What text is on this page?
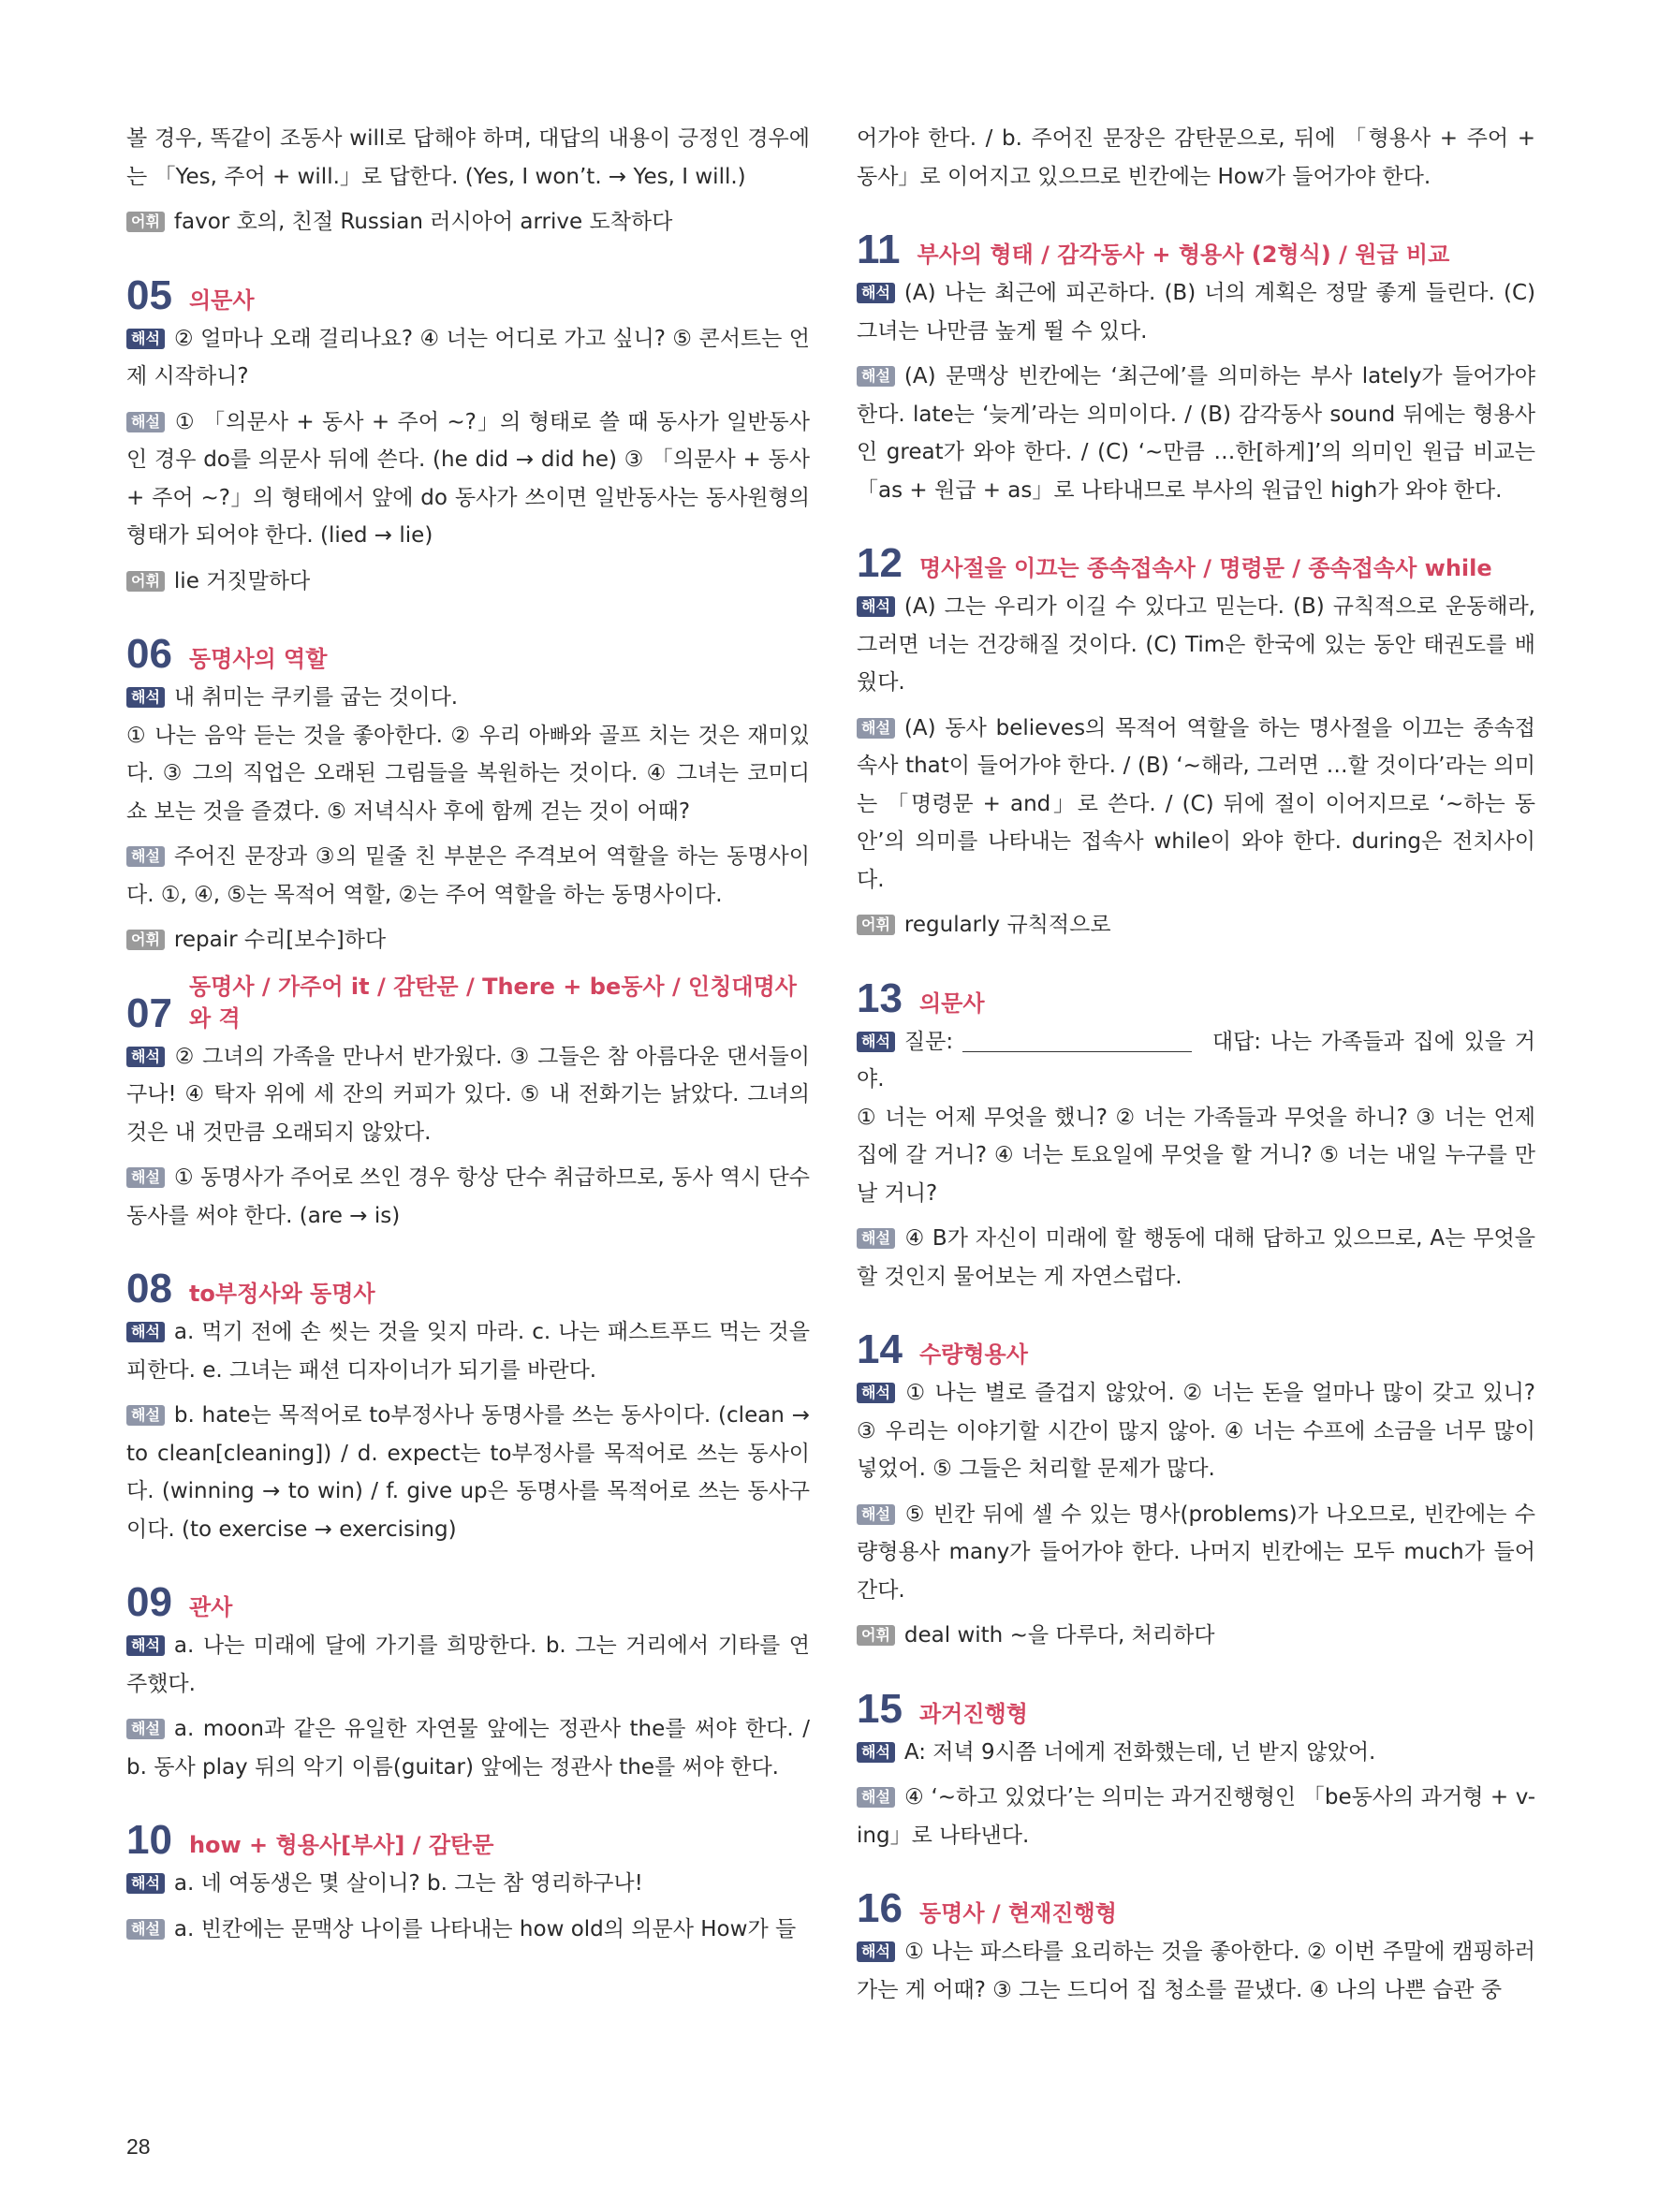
볼 경우, 똑같이 조동사 will로 답해야 하며, 대답의 내용이 긍정인 경우에는 「Yes, 주어 + will.」로 답한다. (Yes, I won’t. → Yes, I will.)

어휘 favor 호의, 친절 Russian 러시아어 arrive 도착하다

05 의문사

해석 ② 얼마나 오래 걸리나요? ④ 너는 어디로 가고 싶니? ⑤ 콘서트는 언제 시작하니?

해설 ① 「의문사 + 동사 + 주어 ~?」의 형태로 쓸 때 동사가 일반동사인 경우 do를 의문사 뒤에 쓴다. (he did → did he) ③ 「의문사 + 동사 + 주어 ~?」의 형태에서 앞에 do 동사가 쓰이면 일반동사는 동사원형의 형태가 되어야 한다. (lied → lie)

어휘 lie 거짓말하다

06 동명사의 역할

해석 내 취미는 쿠키를 굽는 것이다.

① 나는 음악 듣는 것을 좋아한다. ② 우리 아빠와 골프 치는 것은 재미있다. ③ 그의 직업은 오래된 그림들을 복원하는 것이다. ④ 그녀는 코미디 쇼 보는 것을 즐겼다. ⑤ 저녁식사 후에 함께 걷는 것이 어때?

해설 주어진 문장과 ③의 밑줄 친 부분은 주격보어 역할을 하는 동명사이다. ①, ④, ⑤는 목적어 역할, ②는 주어 역할을 하는 동명사이다.

어휘 repair 수리[보수]하다

07
동명사 / 가주어 it / 감탄문 / There + be동사 / 인칭대명사와 격

해석 ② 그녀의 가족을 만나서 반가웠다. ③ 그들은 참 아름다운 댄서들이구나! ④ 탁자 위에 세 잔의 커피가 있다. ⑤ 내 전화기는 낡았다. 그녀의 것은 내 것만큼 오래되지 않았다.

해설 ① 동명사가 주어로 쓰인 경우 항상 단수 취급하므로, 동사 역시 단수 동사를 써야 한다. (are → is)

08 to부정사와 동명사

해석 a. 먹기 전에 손 씻는 것을 잊지 마라. c. 나는 패스트푸드 먹는 것을 피한다. e. 그녀는 패션 디자이너가 되기를 바란다.

해설 b. hate는 목적어로 to부정사나 동명사를 쓰는 동사이다. (clean → to clean[cleaning]) / d. expect는 to부정사를 목적어로 쓰는 동사이다. (winning → to win) / f. give up은 동명사를 목적어로 쓰는 동사구이다. (to exercise → exercising)

09 관사

해석 a. 나는 미래에 달에 가기를 희망한다. b. 그는 거리에서 기타를 연주했다.

해설 a. moon과 같은 유일한 자연물 앞에는 정관사 the를 써야 한다. / b. 동사 play 뒤의 악기 이름(guitar) 앞에는 정관사 the를 써야 한다.

10 how + 형용사[부사] / 감탄문

해석 a. 네 여동생은 몇 살이니? b. 그는 참 영리하구나!

해설 a. 빈칸에는 문맥상 나이를 나타내는 how old의 의문사 How가 들

어가야 한다. / b. 주어진 문장은 감탄문으로, 뒤에 「형용사 + 주어 + 동사」로 이어지고 있으므로 빈칸에는 How가 들어가야 한다.

11 부사의 형태 / 감각동사 + 형용사 (2형식) / 원급 비교

해석 (A) 나는 최근에 피곤하다. (B) 너의 계획은 정말 좋게 들린다. (C) 그녀는 나만큼 높게 뛸 수 있다.

해설 (A) 문맥상 빈칸에는 ‘최근에’를 의미하는 부사 lately가 들어가야 한다. late는 ‘늦게’라는 의미이다. / (B) 감각동사 sound 뒤에는 형용사인 great가 와야 한다. / (C) ‘~만큼 …한[하게]’의 의미인 원급 비교는 「as + 원급 + as」로 나타내므로 부사의 원급인 high가 와야 한다.

12 명사절을 이끄는 종속접속사 / 명령문 / 종속접속사 while

해석 (A) 그는 우리가 이길 수 있다고 믿는다. (B) 규칙적으로 운동해라, 그러면 너는 건강해질 것이다. (C) Tim은 한국에 있는 동안 태권도를 배웠다.

해설 (A) 동사 believes의 목적어 역할을 하는 명사절을 이끄는 종속접속사 that이 들어가야 한다. / (B) ‘~해라, 그러면 …할 것이다’라는 의미는 「명령문 + and」로 쓴다. / (C) 뒤에 절이 이어지므로 ‘~하는 동안’의 의미를 나타내는 접속사 while이 와야 한다. during은 전치사이다.

어휘 regularly 규칙적으로

13 의문사

해석 질문:	대답: 나는 가족들과 집에 있을 거야.

① 너는 어제 무엇을 했니? ② 너는 가족들과 무엇을 하니? ③ 너는 언제 집에 갈 거니? ④ 너는 토요일에 무엇을 할 거니? ⑤ 너는 내일 누구를 만날 거니?

해설 ④ B가 자신이 미래에 할 행동에 대해 답하고 있으므로, A는 무엇을 할 것인지 물어보는 게 자연스럽다.

14 수량형용사

해석 ① 나는 별로 즐겁지 않았어. ② 너는 돈을 얼마나 많이 갖고 있니? ③ 우리는 이야기할 시간이 많지 않아. ④ 너는 수프에 소금을 너무 많이 넣었어. ⑤ 그들은 처리할 문제가 많다.

해설 ⑤ 빈칸 뒤에 셀 수 있는 명사(problems)가 나오므로, 빈칸에는 수량형용사 many가 들어가야 한다. 나머지 빈칸에는 모두 much가 들어간다.

어휘 deal with ~을 다루다, 처리하다

15 과거진행형

해석 A: 저녁 9시쯤 너에게 전화했는데, 넌 받지 않았어.

해설 ④ ‘~하고 있었다’는 의미는 과거진행형인 「be동사의 과거형 + v-ing」로 나타낸다.

16 동명사 / 현재진행형

해석 ① 나는 파스타를 요리하는 것을 좋아한다. ② 이번 주말에 캠핑하러 가는 게 어때? ③ 그는 드디어 집 청소를 끝냈다. ④ 나의 나쁜 습관 중

28
